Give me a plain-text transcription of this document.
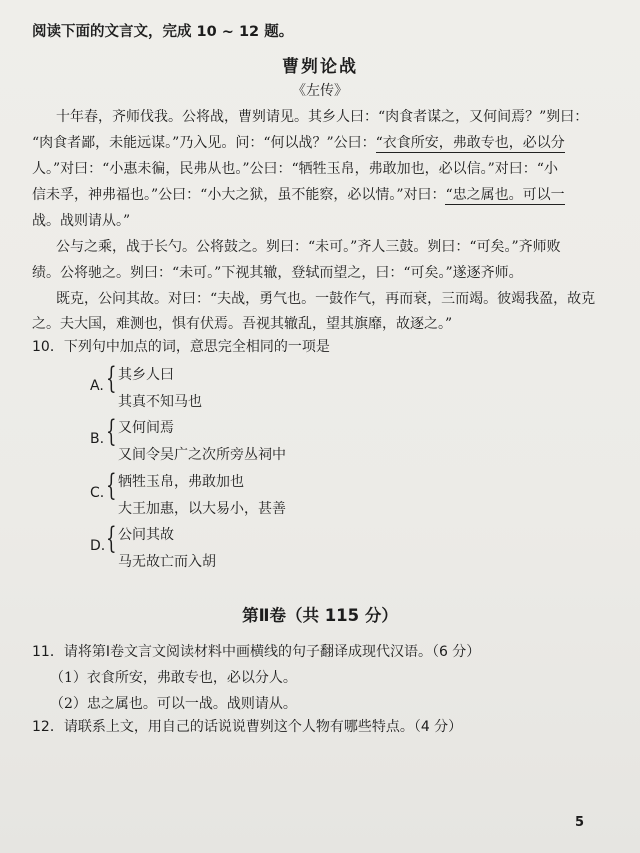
阅读下面的文言文，完成 10 ~ 12 题。
曹刿论战
《左传》
十年春，齐师伐我。公将战，曹刿请见。其乡人曰：“肉食者谋之，又何间焉？”刿曰：
“肉食者鄙，未能远谋。”乃入见。问：“何以战？”公曰：“衣食所安，弗敢专也，必以分
人。”对曰：“小惠未徧，民弗从也。”公曰：“牺牲玉帛，弗敢加也，必以信。”对曰：“小
信未孚，神弗福也。”公曰：“小大之狱，虽不能察，必以情。”对曰：“忠之属也。可以一
战。战则请从。”
公与之乘，战于长勺。公将鼓之。刿曰：“未可。”齐人三鼓。刿曰：“可矣。”齐师败
绩。公将驰之。刿曰：“未可。”下视其辙，登轼而望之，曰：“可矣。”遂逐齐师。
既克，公问其故。对曰：“夫战，勇气也。一鼓作气，再而衰，三而竭。彼竭我盈，故克
之。夫大国，难测也，惧有伏焉。吾视其辙乱，望其旗靡，故逐之。”
10．下列句中加点的词，意思完全相同的一项是
A. { 其乡人曰
其真不知马也
B. { 又何间焉
又间令吴广之次所旁丛祠中
C. { 牺牲玉帛，弗敢加也
大王加惠，以大易小，甚善
D. { 公问其故
马无故亡而入胡
第Ⅱ卷（共 115 分）
11．请将第Ⅰ卷文言文阅读材料中画横线的句子翻译成现代汉语。（6 分）
（1）衣食所安，弗敢专也，必以分人。
（2）忠之属也。可以一战。战则请从。
12．请联系上文，用自己的话说说曹刿这个人物有哪些特点。（4 分）
5
